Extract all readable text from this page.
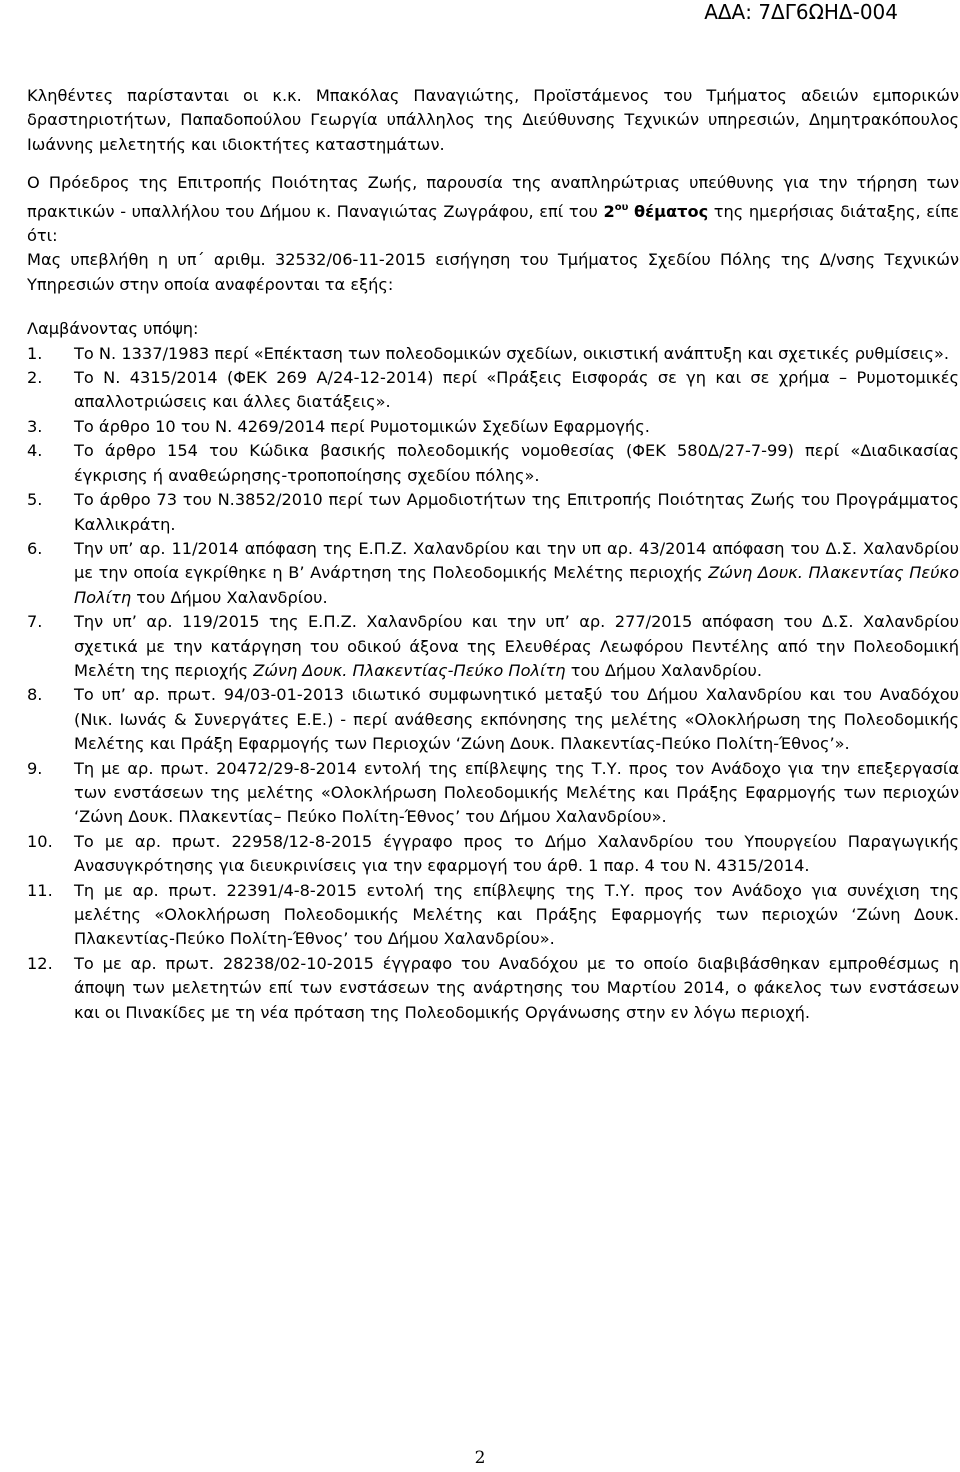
ΑΔΑ: 7ΔΓ6ΩΗΔ-004

Κληθέντες παρίστανται οι κ.κ. Μπακόλας Παναγιώτης, Προϊστάμενος του Τμήματος αδειών εμπορικών δραστηριοτήτων, Παπαδοπούλου Γεωργία υπάλληλος της Διεύθυνσης Τεχνικών υπηρεσιών, Δημητρακόπουλος Ιωάννης μελετητής και ιδιοκτήτες καταστημάτων.

Ο Πρόεδρος της Επιτροπής Ποιότητας Ζωής, παρουσία της αναπληρώτριας υπεύθυνης για την τήρηση των πρακτικών - υπαλλήλου του Δήμου κ. Παναγιώτας Ζωγράφου, επί του $2^{o\upsilon}$ θέματος της ημερήσιας διάταξης, είπε ότι:

Μας υπεβλήθη η υπ΄ αριθμ. 32532/06-11-2015 εισήγηση του Τμήματος Σχεδίου Πόλης της Δ/νσης Τεχνικών Υπηρεσιών στην οποία αναφέρονται τα εξής:

Λαμβάνοντας υπόψη:

1. Το Ν. 1337/1983 περί «Επέκταση των πολεοδομικών σχεδίων, οικιστική ανάπτυξη και σχετικές ρυθμίσεις».
2. Το Ν. 4315/2014 (ΦΕΚ 269 Α/24-12-2014) περί «Πράξεις Εισφοράς σε γη και σε χρήμα – Ρυμοτομικές απαλλοτριώσεις και άλλες διατάξεις».
3. Το άρθρο 10 του Ν. 4269/2014 περί Ρυμοτομικών Σχεδίων Εφαρμογής.
4. Το άρθρο 154 του Κώδικα βασικής πολεοδομικής νομοθεσίας (ΦΕΚ 580Δ/27-7-99) περί «Διαδικασίας έγκρισης ή αναθεώρησης-τροποποίησης σχεδίου πόλης».
5. Το άρθρο 73 του Ν.3852/2010 περί των Αρμοδιοτήτων της Επιτροπής Ποιότητας Ζωής του Προγράμματος Καλλικράτη.
6. Την υπ’ αρ. 11/2014 απόφαση της Ε.Π.Ζ. Χαλανδρίου και την υπ αρ. 43/2014 απόφαση του Δ.Σ. Χαλανδρίου με την οποία εγκρίθηκε η Β’ Ανάρτηση της Πολεοδομικής Μελέτης περιοχής Ζώνη Δουκ. Πλακεντίας Πεύκο Πολίτη του Δήμου Χαλανδρίου.
7. Την υπ’ αρ. 119/2015 της Ε.Π.Ζ. Χαλανδρίου και την υπ’ αρ. 277/2015 απόφαση του Δ.Σ. Χαλανδρίου σχετικά με την κατάργηση του οδικού άξονα της Ελευθέρας Λεωφόρου Πεντέλης από την Πολεοδομική Μελέτη της περιοχής Ζώνη Δουκ. Πλακεντίας-Πεύκο Πολίτη του Δήμου Χαλανδρίου.
8. Το υπ’ αρ. πρωτ. 94/03-01-2013 ιδιωτικό συμφωνητικό μεταξύ του Δήμου Χαλανδρίου και του Αναδόχου (Νικ. Ιωνάς & Συνεργάτες Ε.Ε.) - περί ανάθεσης εκπόνησης της μελέτης «Ολοκλήρωση της Πολεοδομικής Μελέτης και Πράξη Εφαρμογής των Περιοχών ‘Ζώνη Δουκ. Πλακεντίας-Πεύκο Πολίτη-Έθνος’».
9. Τη με αρ. πρωτ. 20472/29-8-2014 εντολή της επίβλεψης της Τ.Υ. προς τον Ανάδοχο για την επεξεργασία των ενστάσεων της μελέτης «Ολοκλήρωση Πολεοδομικής Μελέτης και Πράξης Εφαρμογής των περιοχών ‘Ζώνη Δουκ. Πλακεντίας– Πεύκο Πολίτη-Έθνος’ του Δήμου Χαλανδρίου».
10. Το με αρ. πρωτ. 22958/12-8-2015 έγγραφο προς το Δήμο Χαλανδρίου του Υπουργείου Παραγωγικής Ανασυγκρότησης για διευκρινίσεις για την εφαρμογή του άρθ. 1 παρ. 4 του Ν. 4315/2014.
11. Τη με αρ. πρωτ. 22391/4-8-2015 εντολή της επίβλεψης της Τ.Υ. προς τον Ανάδοχο για συνέχιση της μελέτης «Ολοκλήρωση Πολεοδομικής Μελέτης και Πράξης Εφαρμογής των περιοχών ‘Ζώνη Δουκ. Πλακεντίας-Πεύκο Πολίτη-Έθνος’ του Δήμου Χαλανδρίου».
12. Το με αρ. πρωτ. 28238/02-10-2015 έγγραφο του Αναδόχου με το οποίο διαβιβάσθηκαν εμπροθέσμως η άποψη των μελετητών επί των ενστάσεων της ανάρτησης του Μαρτίου 2014, ο φάκελος των ενστάσεων και οι Πινακίδες με τη νέα πρόταση της Πολεοδομικής Οργάνωσης στην εν λόγω περιοχή.
2
